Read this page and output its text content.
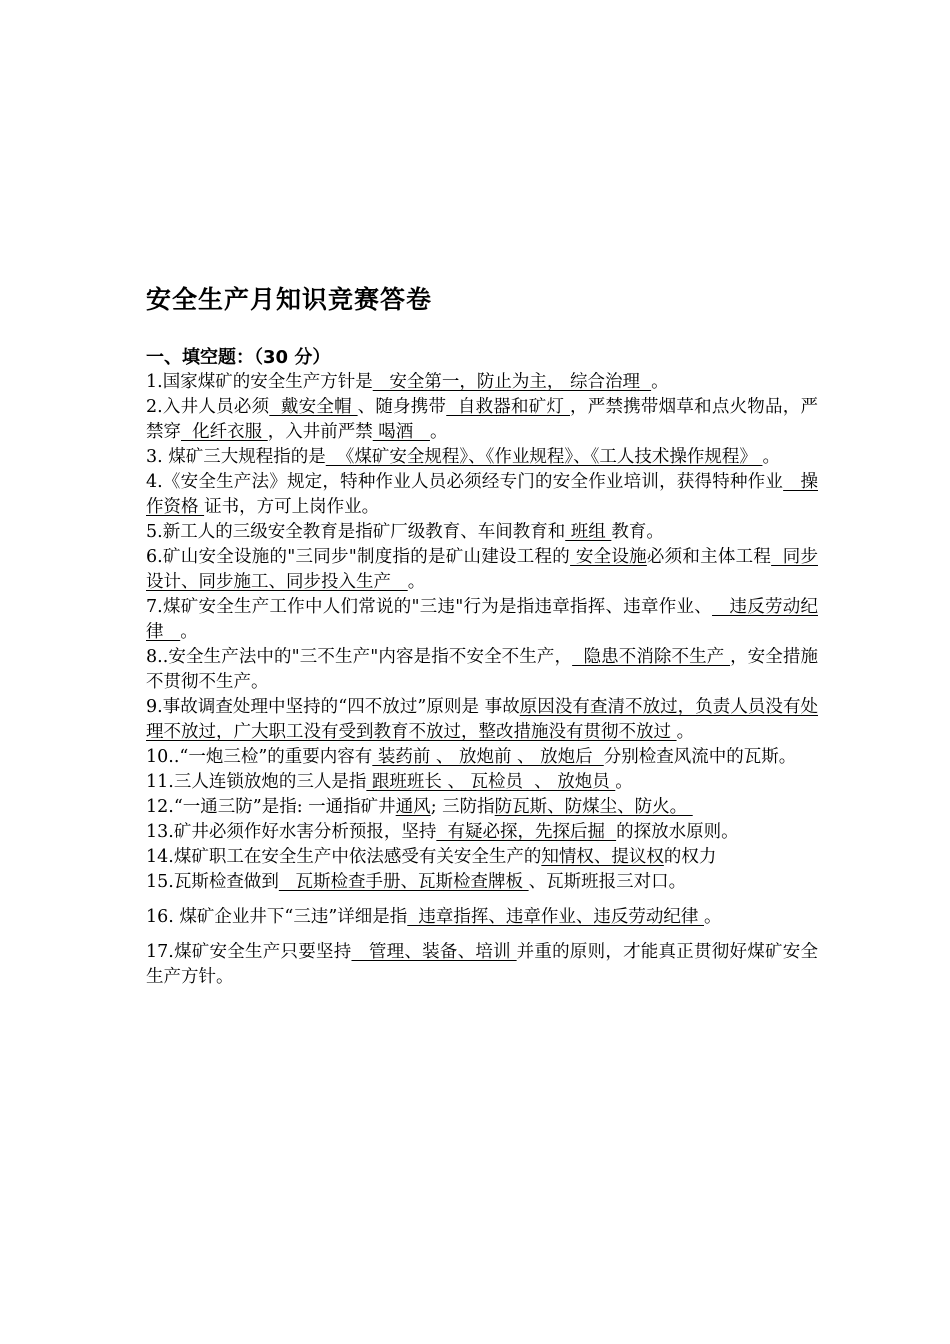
安全生产月知识竞赛答卷
一、填空题：（30 分）

1.国家煤矿的安全生产方针是   安全第一，防止为主， 综合治理  。

2.入井人员必须  戴安全帽 、随身携带  自救器和矿灯 ，严禁携带烟草和点火物品，严禁穿  化纤衣服 ，入井前严禁 喝酒   。

3. 煤矿三大规程指的是  《煤矿安全规程》、《作业规程》、《工人技术操作规程》 。

4.《安全生产法》规定，特种作业人员必须经专门的安全作业培训，获得特种作业   操作资格 证书，方可上岗作业。

5.新工人的三级安全教育是指矿厂级教育、车间教育和 班组 教育。

6.矿山安全设施的"三同步"制度指的是矿山建设工程的 安全设施必须和主体工程  同步设计、同步施工、同步投入生产   。

7.煤矿安全生产工作中人们常说的"三违"行为是指违章指挥、违章作业、   违反劳动纪律   。

8..安全生产法中的"三不生产"内容是指不安全不生产，  隐患不消除不生产 ，安全措施不贯彻不生产。

9.事故调查处理中坚持的“四不放过”原则是 事故原因没有查清不放过，负责人员没有处理不放过，广大职工没有受到教育不放过，整改措施没有贯彻不放过 。

10..“一炮三检”的重要内容有 装药前 、 放炮前 、 放炮后  分别检查风流中的瓦斯。

11.三人连锁放炮的三人是指 跟班班长 、 瓦检员  、 放炮员 。

12.“一通三防”是指: 一通指矿井通风; 三防指防瓦斯、防煤尘、防火。

13.矿井必须作好水害分析预报，坚持  有疑必探，先探后掘  的探放水原则。

14.煤矿职工在安全生产中依法感受有关安全生产的知情权、提议权的权力

15.瓦斯检查做到   瓦斯检查手册、瓦斯检查牌板 、瓦斯班报三对口。

16. 煤矿企业井下“三违”详细是指  违章指挥、违章作业、违反劳动纪律 。

17.煤矿安全生产只要坚持   管理、装备、培训 并重的原则，才能真正贯彻好煤矿安全生产方针。
